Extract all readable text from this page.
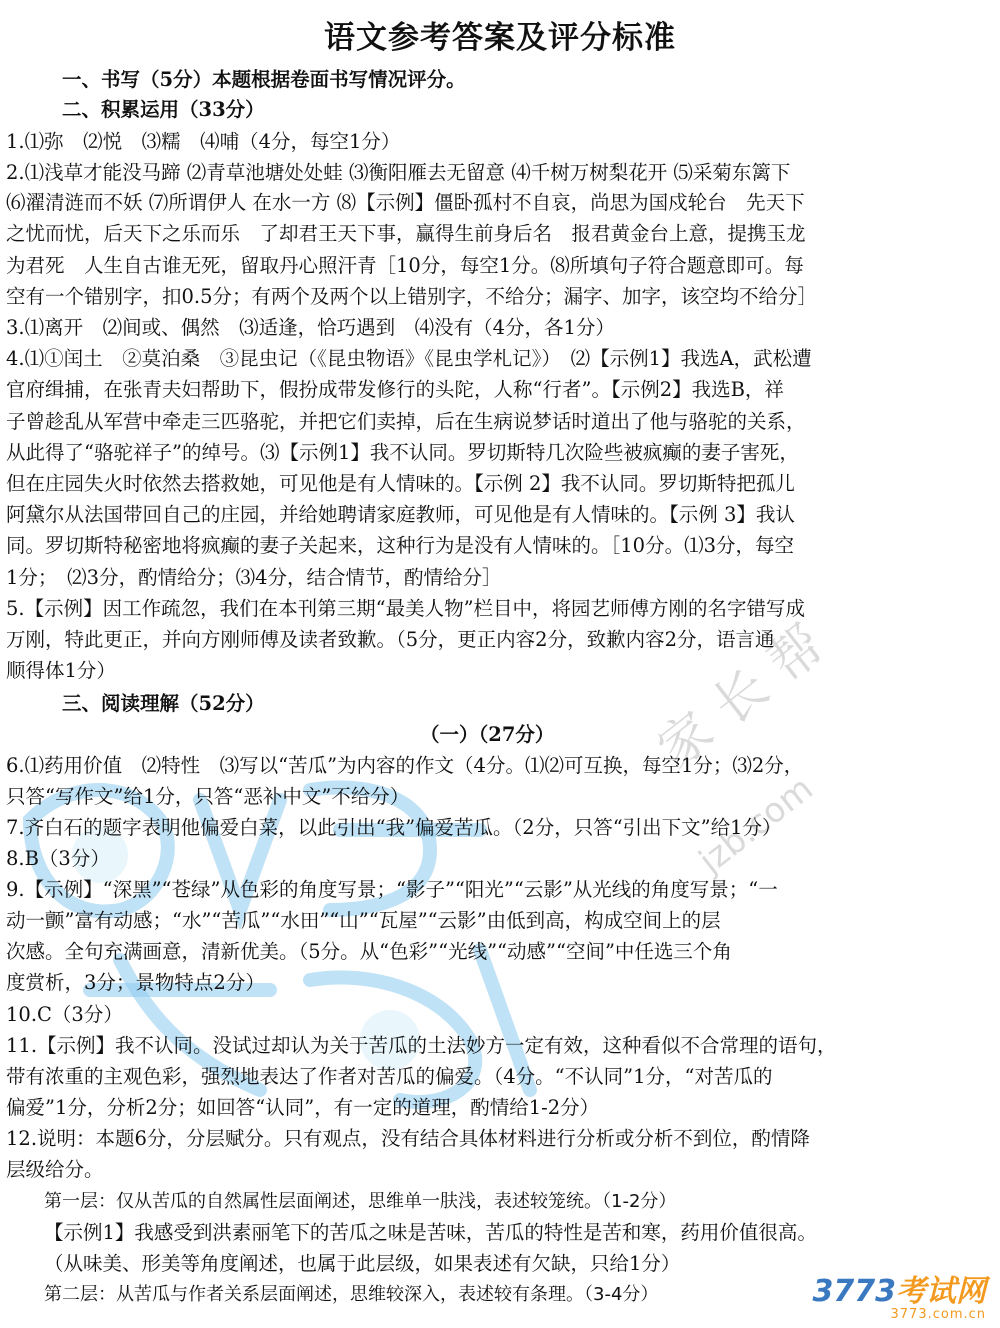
家长帮
jzb.com
语文参考答案及评分标准
一、书写（5分）本题根据卷面书写情况评分。
二、积累运用（33分）
1.⑴弥　⑵悦　⑶糯　⑷哺（4分，每空1分）
2.⑴浅草才能没马蹄 ⑵青草池塘处处蛙 ⑶衡阳雁去无留意 ⑷千树万树梨花开 ⑸采菊东篱下
⑹濯清涟而不妖 ⑺所谓伊人 在水一方 ⑻【示例】僵卧孤村不自哀，尚思为国戍轮台　先天下
之忧而忧，后天下之乐而乐　了却君王天下事，赢得生前身后名　报君黄金台上意，提携玉龙
为君死　人生自古谁无死，留取丹心照汗青［10分，每空1分。⑻所填句子符合题意即可。每
空有一个错别字，扣0.5分；有两个及两个以上错别字，不给分；漏字、加字，该空均不给分］
3.⑴离开　⑵间或、偶然　⑶适逢，恰巧遇到　⑷没有（4分，各1分）
4.⑴①闰土　②莫泊桑　③昆虫记（《昆虫物语》《昆虫学札记》）　⑵【示例1】我选A，武松遭
官府缉捕，在张青夫妇帮助下，假扮成带发修行的头陀，人称“行者”。【示例2】我选B，祥
子曾趁乱从军营中牵走三匹骆驼，并把它们卖掉，后在生病说梦话时道出了他与骆驼的关系，
从此得了“骆驼祥子”的绰号。⑶【示例1】我不认同。罗切斯特几次险些被疯癫的妻子害死，
但在庄园失火时依然去搭救她，可见他是有人情味的。【示例 2】我不认同。罗切斯特把孤儿
阿黛尔从法国带回自己的庄园，并给她聘请家庭教师，可见他是有人情味的。【示例 3】我认
同。罗切斯特秘密地将疯癫的妻子关起来，这种行为是没有人情味的。［10分。⑴3分，每空
1分；　⑵3分，酌情给分；⑶4分，结合情节，酌情给分］
5.【示例】因工作疏忽，我们在本刊第三期“最美人物”栏目中，将园艺师傅方刚的名字错写成
万刚，特此更正，并向方刚师傅及读者致歉。（5分，更正内容2分，致歉内容2分，语言通
顺得体1分）
三、阅读理解（52分）
（一）（27分）
6.⑴药用价值　⑵特性　⑶写以“苦瓜”为内容的作文（4分。⑴⑵可互换，每空1分；⑶2分，
只答“写作文”给1分，只答“恶补中文”不给分）
7.齐白石的题字表明他偏爱白菜，以此引出“我”偏爱苦瓜。（2分，只答“引出下文”给1分）
8.B（3分）
9.【示例】“深黑”“苍绿”从色彩的角度写景；“影子”“阳光”“云影”从光线的角度写景；“一
动一颤”富有动感；“水”“苦瓜”“水田”“山”“瓦屋”“云影”由低到高，构成空间上的层
次感。全句充满画意，清新优美。（5分。从“色彩”“光线”“动感”“空间”中任选三个角
度赏析，3分；景物特点2分）
10.C（3分）
11.【示例】我不认同。没试过却认为关于苦瓜的土法妙方一定有效，这种看似不合常理的语句，
带有浓重的主观色彩，强烈地表达了作者对苦瓜的偏爱。（4分。“不认同”1分，“对苦瓜的
偏爱”1分，分析2分；如回答“认同”，有一定的道理，酌情给1-2分）
12.说明：本题6分，分层赋分。只有观点，没有结合具体材料进行分析或分析不到位，酌情降
层级给分。
第一层：仅从苦瓜的自然属性层面阐述，思维单一肤浅，表述较笼统。（1-2分）
【示例1】我感受到洪素丽笔下的苦瓜之味是苦味，苦瓜的特性是苦和寒，药用价值很高。
（从味美、形美等角度阐述，也属于此层级，如果表述有欠缺，只给1分）
第二层：从苦瓜与作者关系层面阐述，思维较深入，表述较有条理。（3-4分）	3773考试网
3773.com.cn
